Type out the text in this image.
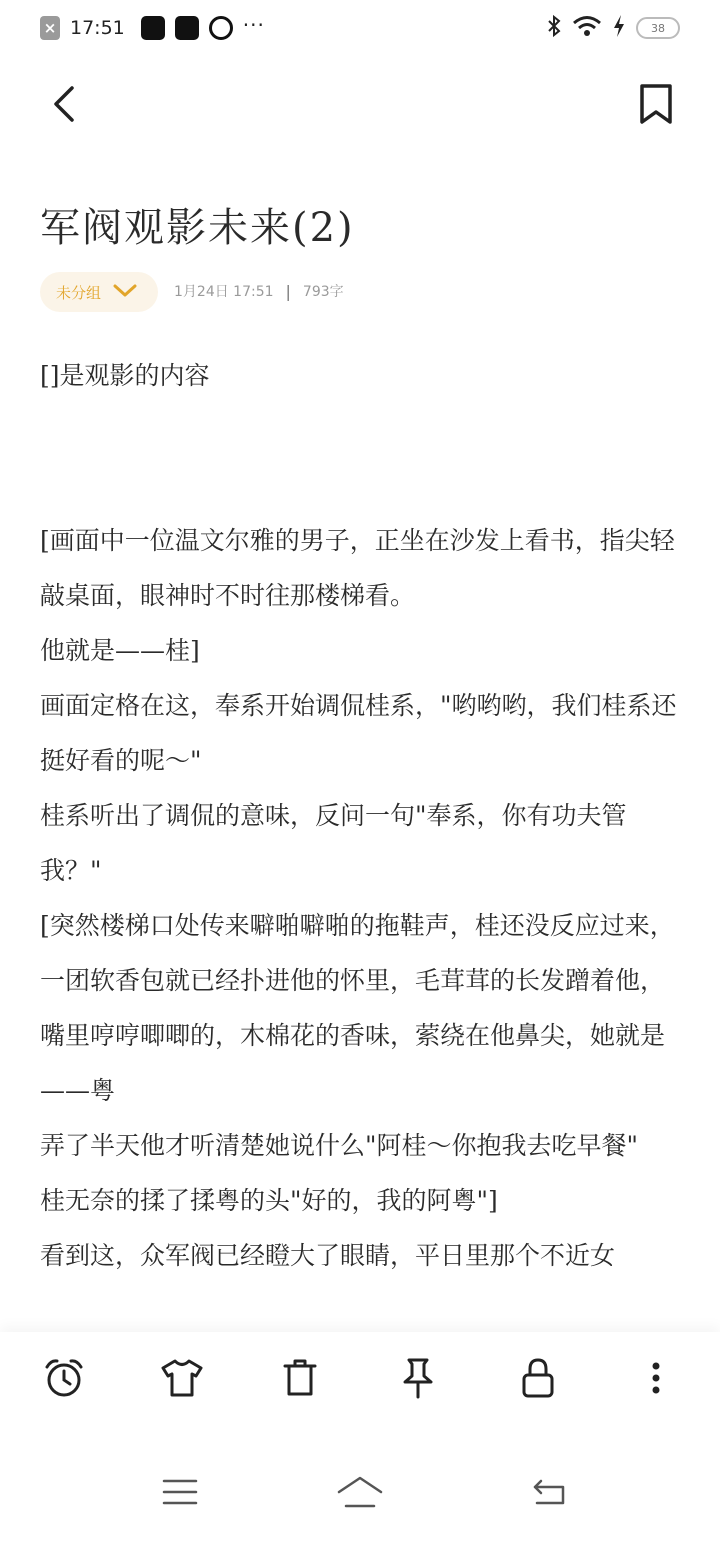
× 17:51	···	38
军阀观影未来(2)
未分组	1月24日 17:51 | 793字

[]是观影的内容

[画面中一位温文尔雅的男子，正坐在沙发上看书，指尖轻敲桌面，眼神时不时往那楼梯看。

他就是——桂]

画面定格在这，奉系开始调侃桂系，"哟哟哟，我们桂系还挺好看的呢～"

桂系听出了调侃的意味，反问一句"奉系，你有功夫管我？"

[突然楼梯口处传来噼啪噼啪的拖鞋声，桂还没反应过来，一团软香包就已经扑进他的怀里，毛茸茸的长发蹭着他，嘴里哼哼唧唧的，木棉花的香味，萦绕在他鼻尖，她就是——粤

弄了半天他才听清楚她说什么"阿桂～你抱我去吃早餐"

桂无奈的揉了揉粤的头"好的，我的阿粤"]

看到这，众军阀已经瞪大了眼睛，平日里那个不近女
